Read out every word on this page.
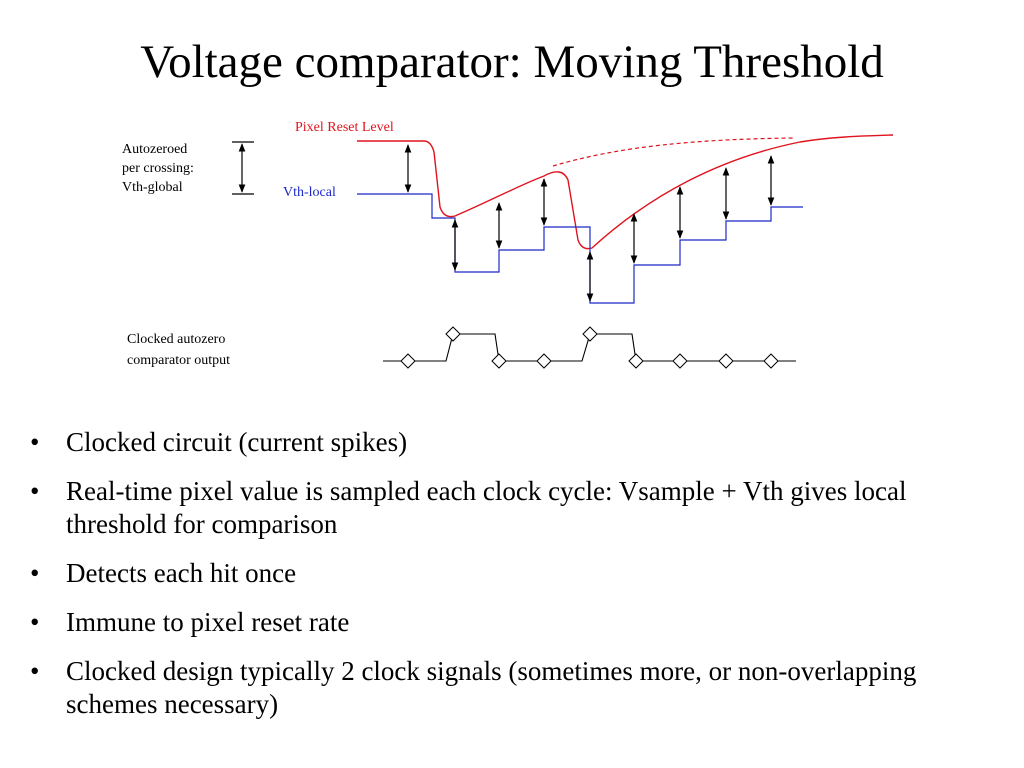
Voltage comparator: Moving Threshold
Pixel Reset Level
Vth-local
Autozeroed
per crossing:
Vth-global
Clocked autozero
comparator output
• Clocked circuit (current spikes)
• Real-time pixel value is sampled each clock cycle: Vsample + Vth gives local threshold for comparison
• Detects each hit once
• Immune to pixel reset rate
• Clocked design typically 2 clock signals (sometimes more, or non-overlapping schemes necessary)
